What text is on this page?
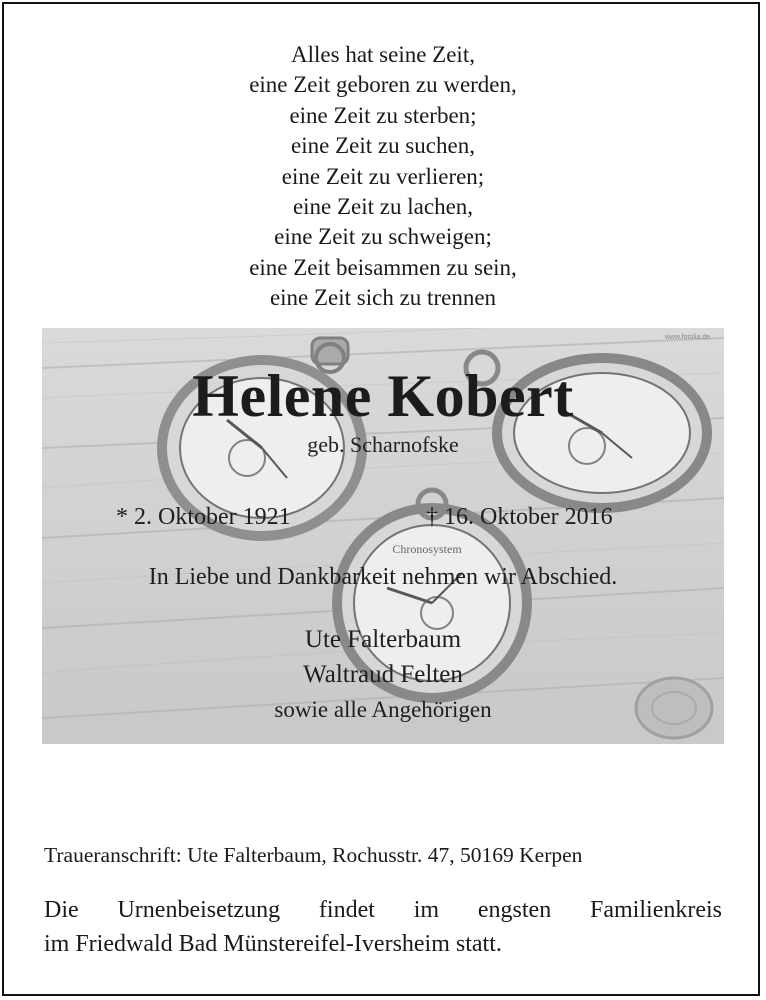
Alles hat seine Zeit,
eine Zeit geboren zu werden,
eine Zeit zu sterben;
eine Zeit zu suchen,
eine Zeit zu verlieren;
eine Zeit zu lachen,
eine Zeit zu schweigen;
eine Zeit beisammen zu sein,
eine Zeit sich zu trennen
Chronosystem
www.fotolia.de
Helene Kobert
geb. Scharnofske
* 2. Oktober 1921	† 16. Oktober 2016
In Liebe und Dankbarkeit nehmen wir Abschied.
Ute Falterbaum
Waltraud Felten
sowie alle Angehörigen
Traueranschrift: Ute Falterbaum, Rochusstr. 47, 50169 Kerpen
Die Urnenbeisetzung findet im engsten Familienkreis
im Friedwald Bad Münstereifel-Iversheim statt.
